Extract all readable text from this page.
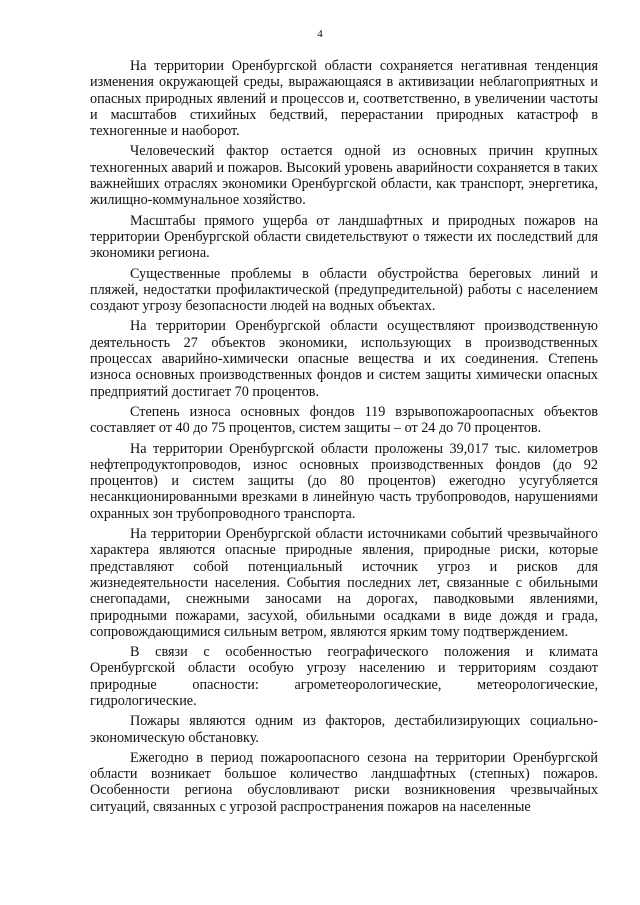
4

На территории Оренбургской области сохраняется негативная тенденция изменения окружающей среды, выражающаяся в активизации неблагоприятных и опасных природных явлений и процессов и, соответственно, в увеличении частоты и масштабов стихийных бедствий, перерастании природных катастроф в техногенные и наоборот.

Человеческий фактор остается одной из основных причин крупных техногенных аварий и пожаров. Высокий уровень аварийности сохраняется в таких важнейших отраслях экономики Оренбургской области, как транспорт, энергетика, жилищно-коммунальное хозяйство.

Масштабы прямого ущерба от ландшафтных и природных пожаров на территории Оренбургской области свидетельствуют о тяжести их последствий для экономики региона.

Существенные проблемы в области обустройства береговых линий и пляжей, недостатки профилактической (предупредительной) работы с населением создают угрозу безопасности людей на водных объектах.

На территории Оренбургской области осуществляют производственную деятельность 27 объектов экономики, использующих в производственных процессах аварийно-химически опасные вещества и их соединения. Степень износа основных производственных фондов и систем защиты химически опасных предприятий достигает 70 процентов.

Степень износа основных фондов 119 взрывопожароопасных объектов составляет от 40 до 75 процентов, систем защиты – от 24 до 70 процентов.

На территории Оренбургской области проложены 39,017 тыс. километров нефтепродуктопроводов, износ основных производственных фондов (до 92 процентов) и систем защиты (до 80 процентов) ежегодно усугубляется несанкционированными врезками в линейную часть трубопроводов, нарушениями охранных зон трубопроводного транспорта.

На территории Оренбургской области источниками событий чрезвычайного характера являются опасные природные явления, природные риски, которые представляют собой потенциальный источник угроз и рисков для жизнедеятельности населения. События последних лет, связанные с обильными снегопадами, снежными заносами на дорогах, паводковыми явлениями, природными пожарами, засухой, обильными осадками в виде дождя и града, сопровождающимися сильным ветром, являются ярким тому подтверждением.

В связи с особенностью географического положения и климата Оренбургской области особую угрозу населению и территориям создают природные опасности: агрометеорологические, метеорологические, гидрологические.

Пожары являются одним из факторов, дестабилизирующих социально-экономическую обстановку.

Ежегодно в период пожароопасного сезона на территории Оренбургской области возникает большое количество ландшафтных (степных) пожаров. Особенности региона обусловливают риски возникновения чрезвычайных ситуаций, связанных с угрозой распространения пожаров на населенные
